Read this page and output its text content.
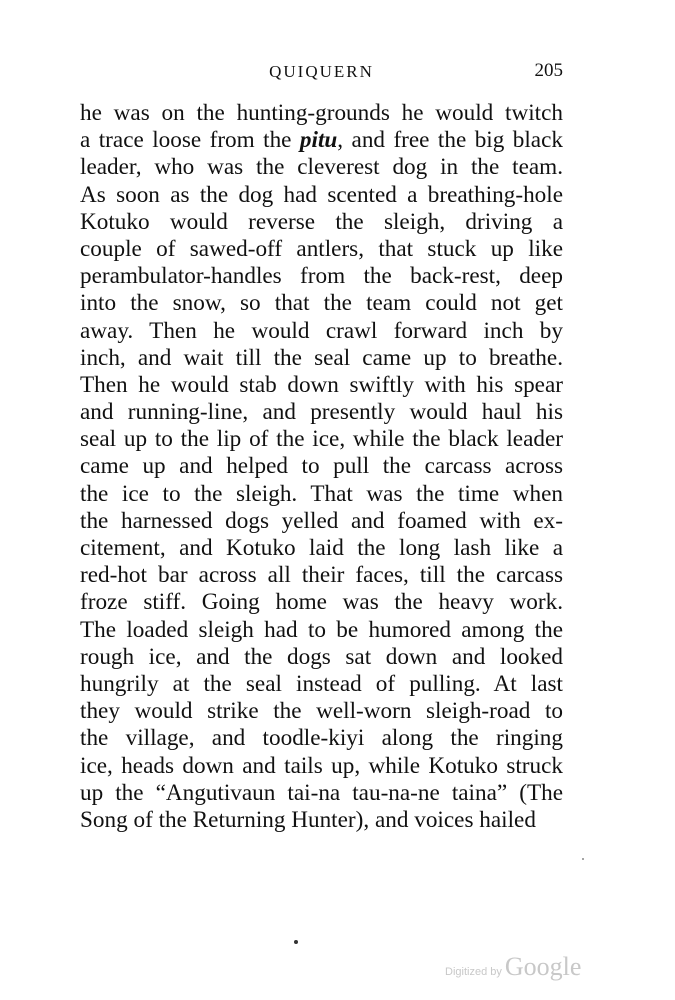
QUIQUERN	205
he was on the hunting-grounds he would twitch
a trace loose from the pitu, and free the big black
leader, who was the cleverest dog in the team.
As soon as the dog had scented a breathing-hole
Kotuko would reverse the sleigh, driving a
couple of sawed-off antlers, that stuck up like
perambulator-handles from the back-rest, deep
into the snow, so that the team could not get
away. Then he would crawl forward inch by
inch, and wait till the seal came up to breathe.
Then he would stab down swiftly with his spear
and running-line, and presently would haul his
seal up to the lip of the ice, while the black leader
came up and helped to pull the carcass across
the ice to the sleigh. That was the time when
the harnessed dogs yelled and foamed with ex-
citement, and Kotuko laid the long lash like a
red-hot bar across all their faces, till the carcass
froze stiff. Going home was the heavy work.
The loaded sleigh had to be humored among the
rough ice, and the dogs sat down and looked
hungrily at the seal instead of pulling. At last
they would strike the well-worn sleigh-road to
the village, and toodle-kiyi along the ringing
ice, heads down and tails up, while Kotuko struck
up the “Angutivaun tai-na tau-na-ne taina” (The
Song of the Returning Hunter), and voices hailed
Digitized by Google
